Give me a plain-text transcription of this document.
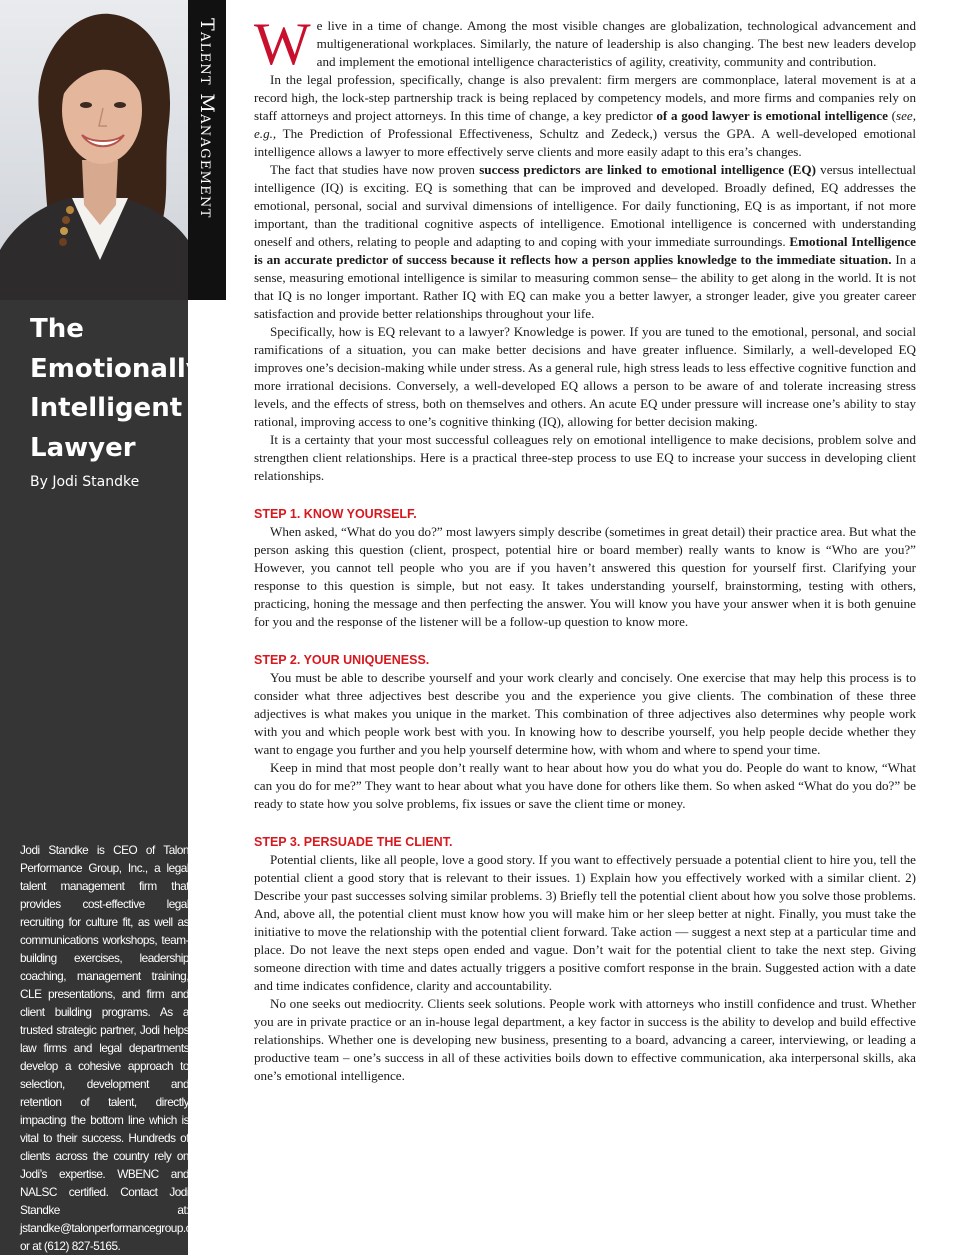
The
Emotionally
Intelligent
Lawyer
By Jodi Standke
Jodi Standke is CEO of Talon Performance Group, Inc., a legal talent management firm that provides cost-effective legal recruiting for culture fit, as well as communications workshops, team-building exercises, leadership coaching, management training, CLE presentations, and firm and client building programs. As a trusted strategic partner, Jodi helps law firms and legal departments develop a cohesive approach to selection, development and retention of talent, directly impacting the bottom line which is vital to their success. Hundreds of clients across the country rely on Jodi’s expertise. WBENC and NALSC certified. Contact Jodi Standke at: jstandke@talonperformancegroup.com or at (612) 827-5165.
Talent Management We live in a time of change. Among the most visible changes are globalization, technological advancement and multigenerational workplaces. Similarly, the nature of leadership is also changing. The best new leaders develop and implement the emotional intelligence characteristics of agility, creativity, community and contribution.

In the legal profession, specifically, change is also prevalent: firm mergers are commonplace, lateral movement is at a record high, the lock-step partnership track is being replaced by competency models, and more firms and companies rely on staff attorneys and project attorneys. In this time of change, a key predictor of a good lawyer is emotional intelligence (see, e.g., The Prediction of Professional Effectiveness, Schultz and Zedeck,) versus the GPA. A well-developed emotional intelligence allows a lawyer to more effectively serve clients and more easily adapt to this era’s changes.

The fact that studies have now proven success predictors are linked to emotional intelligence (EQ) versus intellectual intelligence (IQ) is exciting. EQ is something that can be improved and developed. Broadly defined, EQ addresses the emotional, personal, social and survival dimensions of intelligence. For daily functioning, EQ is as important, if not more important, than the traditional cognitive aspects of intelligence. Emotional intelligence is concerned with understanding oneself and others, relating to people and adapting to and coping with your immediate surroundings. Emotional Intelligence is an accurate predictor of success because it reflects how a person applies knowledge to the immediate situation. In a sense, measuring emotional intelligence is similar to measuring common sense– the ability to get along in the world. It is not that IQ is no longer important. Rather IQ with EQ can make you a better lawyer, a stronger leader, give you greater career satisfaction and provide better relationships throughout your life.

Specifically, how is EQ relevant to a lawyer? Knowledge is power. If you are tuned to the emotional, personal, and social ramifications of a situation, you can make better decisions and have greater influence. Similarly, a well-developed EQ improves one’s decision-making while under stress. As a general rule, high stress leads to less effective cognitive function and more irrational decisions. Conversely, a well-developed EQ allows a person to be aware of and tolerate increasing stress levels, and the effects of stress, both on themselves and others. An acute EQ under pressure will increase one’s ability to stay rational, improving access to one’s cognitive thinking (IQ), allowing for better decision making.

It is a certainty that your most successful colleagues rely on emotional intelligence to make decisions, problem solve and strengthen client relationships. Here is a practical three-step process to use EQ to increase your success in developing client relationships.

STEP 1. KNOW YOURSELF.

When asked, “What do you do?” most lawyers simply describe (sometimes in great detail) their practice area. But what the person asking this question (client, prospect, potential hire or board member) really wants to know is “Who are you?” However, you cannot tell people who you are if you haven’t answered this question for yourself first. Clarifying your response to this question is simple, but not easy. It takes understanding yourself, brainstorming, testing with others, practicing, honing the message and then perfecting the answer. You will know you have your answer when it is both genuine for you and the response of the listener will be a follow-up question to know more.

STEP 2. YOUR UNIQUENESS.

You must be able to describe yourself and your work clearly and concisely. One exercise that may help this process is to consider what three adjectives best describe you and the experience you give clients. The combination of these three adjectives is what makes you unique in the market. This combination of three adjectives also determines why people work with you and which people work best with you. In knowing how to describe yourself, you help people decide whether they want to engage you further and you help yourself determine how, with whom and where to spend your time.

Keep in mind that most people don’t really want to hear about how you do what you do. People do want to know, “What can you do for me?” They want to hear about what you have done for others like them. So when asked “What do you do?” be ready to state how you solve problems, fix issues or save the client time or money.

STEP 3. PERSUADE THE CLIENT.

Potential clients, like all people, love a good story. If you want to effectively persuade a potential client to hire you, tell the potential client a good story that is relevant to their issues. 1) Explain how you effectively worked with a similar client. 2) Describe your past successes solving similar problems. 3) Briefly tell the potential client about how you solve those problems. And, above all, the potential client must know how you will make him or her sleep better at night. Finally, you must take the initiative to move the relationship with the potential client forward. Take action — suggest a next step at a particular time and place. Do not leave the next steps open ended and vague. Don’t wait for the potential client to take the next step. Giving someone direction with time and dates actually triggers a positive comfort response in the brain. Suggested action with a date and time indicates confidence, clarity and accountability.

No one seeks out mediocrity. Clients seek solutions. People work with attorneys who instill confidence and trust. Whether you are in private practice or an in-house legal department, a key factor in success is the ability to develop and build effective relationships. Whether one is developing new business, presenting to a board, advancing a career, interviewing, or leading a productive team – one’s success in all of these activities boils down to effective communication, aka interpersonal skills, aka one’s emotional intelligence.
